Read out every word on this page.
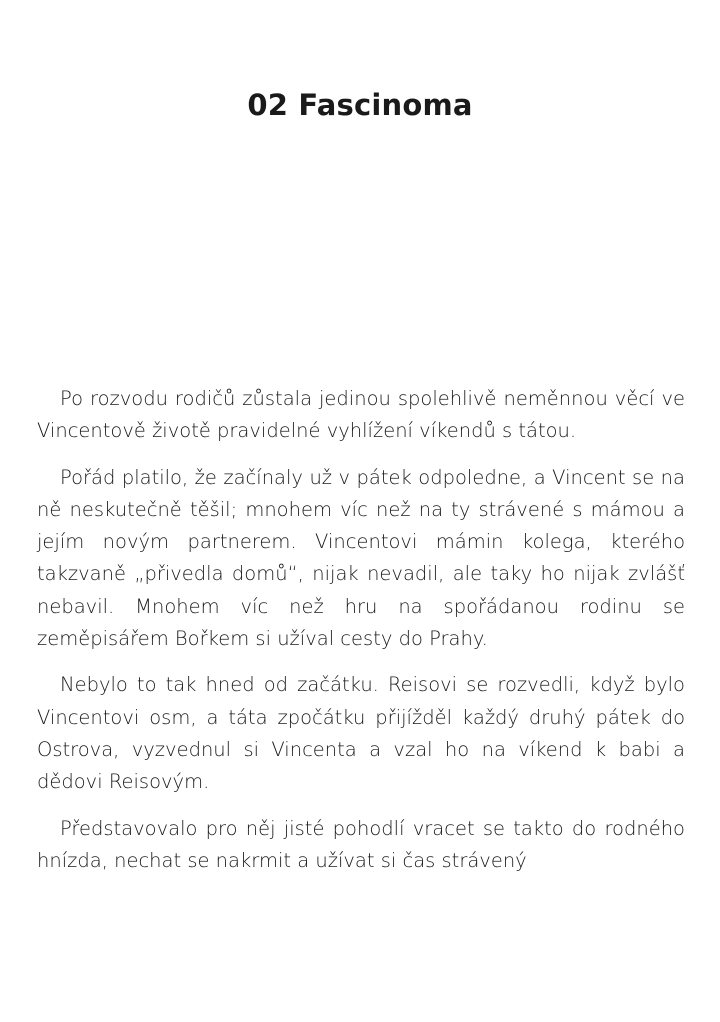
02 Fascinoma

Po rozvodu rodičů zůstala jedinou spolehlivě neměnnou věcí ve Vincentově životě pravidelné vyhlížení víkendů s tátou.

Pořád platilo, že začínaly už v pátek odpoledne, a Vincent se na ně neskutečně těšil; mnohem víc než na ty strávené s mámou a jejím novým partnerem. Vincentovi mámin kolega, kterého takzvaně „přivedla domů“, nijak nevadil, ale taky ho nijak zvlášť nebavil. Mnohem víc než hru na spořádanou rodinu se zeměpisářem Bořkem si užíval cesty do Prahy.

Nebylo to tak hned od začátku. Reisovi se rozvedli, když bylo Vincentovi osm, a táta zpočátku přijížděl každý druhý pátek do Ostrova, vyzvednul si Vincenta a vzal ho na víkend k babi a dědovi Reisovým.

Představovalo pro něj jisté pohodlí vracet se takto do rodného hnízda, nechat se nakrmit a užívat si čas strávený
